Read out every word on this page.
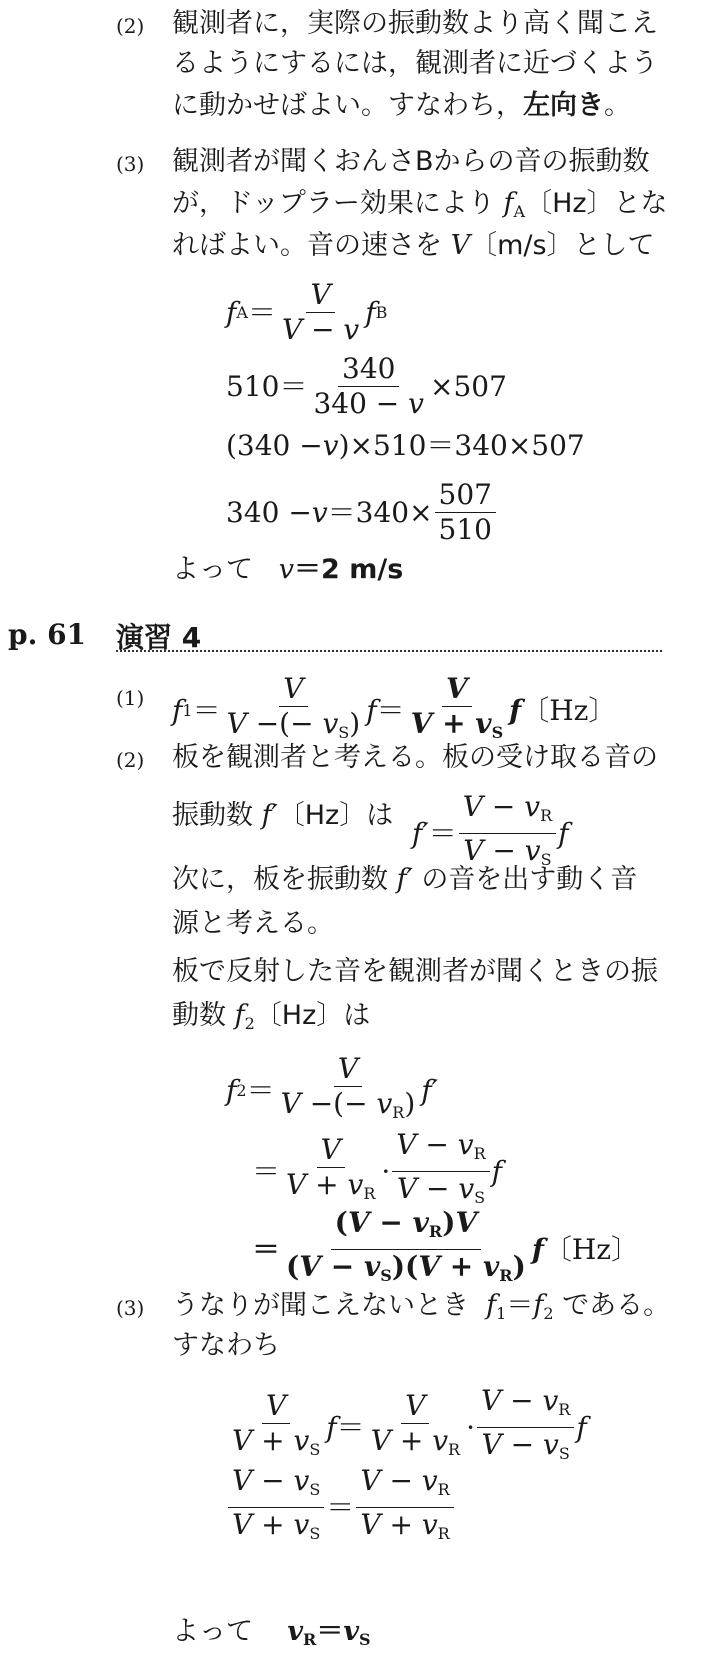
(2) 観測者に，実際の振動数より高く聞こえ
るようにするには，観測者に近づくよう
に動かせばよい。すなわち，左向き。
(3) 観測者が聞くおんさBからの音の振動数
が，ドップラー効果により $f_A$〔Hz〕とな
ればよい。音の速さを V〔m/s〕として
f $A = \frac{V}{V - v}$ f B
$510= \frac{340}{340 - v} \times 507$
(340 − v )×510＝340×507
$340 - v =340\times \frac{507}{510}$
よって v＝2 m/s
p. 61 演習 4
(1) f $1 = \frac{V}{V -(- v_S)}$ $f = \frac{V}{V + v_S}$ f 〔Hz〕
(2) 板を観測者と考える。板の受け取る音の
振動数 f′〔Hz〕は
$f' = \frac{V - v_R}{V - v_S}$ f
次に，板を振動数 f′ の音を出す動く音
源と考える。
板で反射した音を観測者が聞くときの振
動数 $f_2$〔Hz〕は
f $2 = \frac{V}{V -(- v_R)} f'$
＝ $\frac{V}{V + v_R} \cdot \frac{V - v_R}{V - v_S}$ f
＝ $\frac{(V - v_R)V}{(V - v_S)(V + v_R)}$ f 〔Hz〕
(3) うなりが聞こえないとき $f_1=f_2$ である。
すなわち
$\frac{V}{V + v_S}$ $f = \frac{V}{V + v_R} \cdot \frac{V - v_R}{V - v_S}$ f
$\frac{V - v_S}{V + v_S} = \frac{V - v_R}{V + v_R}$
よって $v_R=v_S$
